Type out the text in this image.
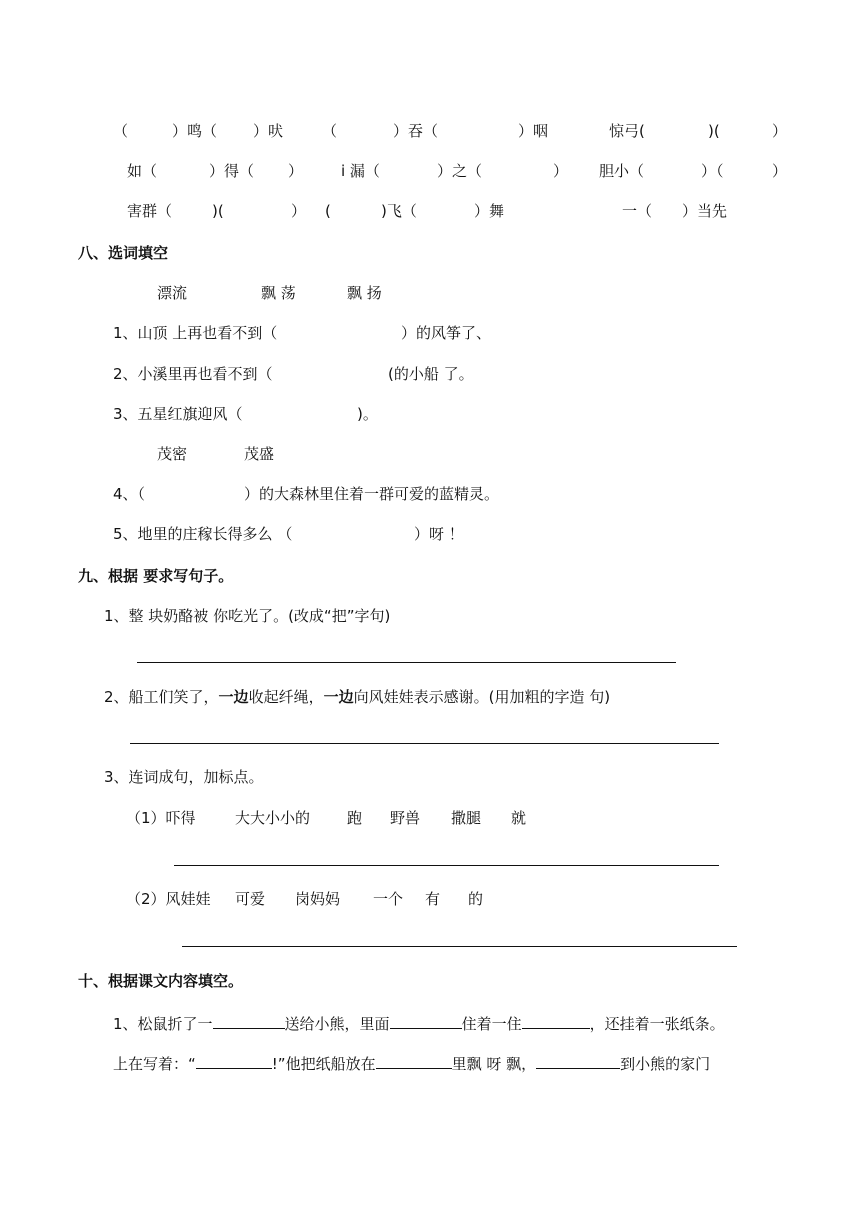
（	）鸣（ ）吠	（	）吞（	）咽	惊弓(	)(	）
如（	）得（ ）	i 漏（	）之（	） 胆小（	）（	）
害群（	)(	） (	)飞（	）舞	一（ ）当先
八、选词填空
漂流	飘 荡	飘 扬
1、山顶 上再也看不到（	）的风筝了、
2、小溪里再也看不到（	(的小船 了。
3、五星红旗迎风（	)。
茂密	茂盛
4、（	）的大森林里住着一群可爱的蓝精灵。
5、地里的庄稼长得多么 （	）呀 ！
九、根据 要求写句子。
1、整 块奶酪被 你吃光了。(改成“把”字句)
2、船工们笑了，一边收起纤绳，一边向风娃娃表示感谢。(用加粗的字造 句)
3、连词成句，加标点。
（1）吓得	大大小小的 跑 野兽 撒腿 就
（2）风娃娃 可爱 岗妈妈 一个 有 的
十、根据课文内容填空。
1、松鼠折了一	送给小熊，里面	住着一住	，还挂着一张纸条。
上在写着：“	!”他把纸船放在	里飘 呀 飘，	到小熊的家门
